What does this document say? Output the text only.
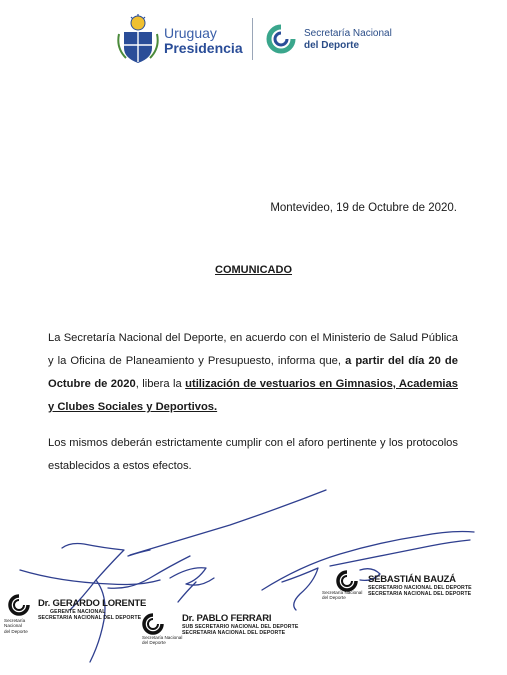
Uruguay
Presidencia
Secretaría Nacional
del Deporte
Montevideo, 19 de Octubre de 2020.
COMUNICADO
La Secretaría Nacional del Deporte, en acuerdo con el Ministerio de Salud Pública y la Oficina de Planeamiento y Presupuesto, informa que, a partir del día 20 de Octubre de 2020, libera la utilización de vestuarios en Gimnasios, Academias y Clubes Sociales y Deportivos.
Los mismos deberán estrictamente cumplir con el aforo pertinente y los protocolos establecidos a estos efectos.
Secretaría
Nacional
del Deporte
Dr. GERARDO LORENTE
GERENTE NACIONAL
SECRETARIA NACIONAL DEL DEPORTE
Secretaría Nacional
del Deporte
Dr. PABLO FERRARI
SUB SECRETARIO NACIONAL DEL DEPORTE
SECRETARIA NACIONAL DEL DEPORTE
Secretaría Nacional
del Deporte
SEBASTIÁN BAUZÁ
SECRETARIO NACIONAL DEL DEPORTE
SECRETARIA NACIONAL DEL DEPORTE
